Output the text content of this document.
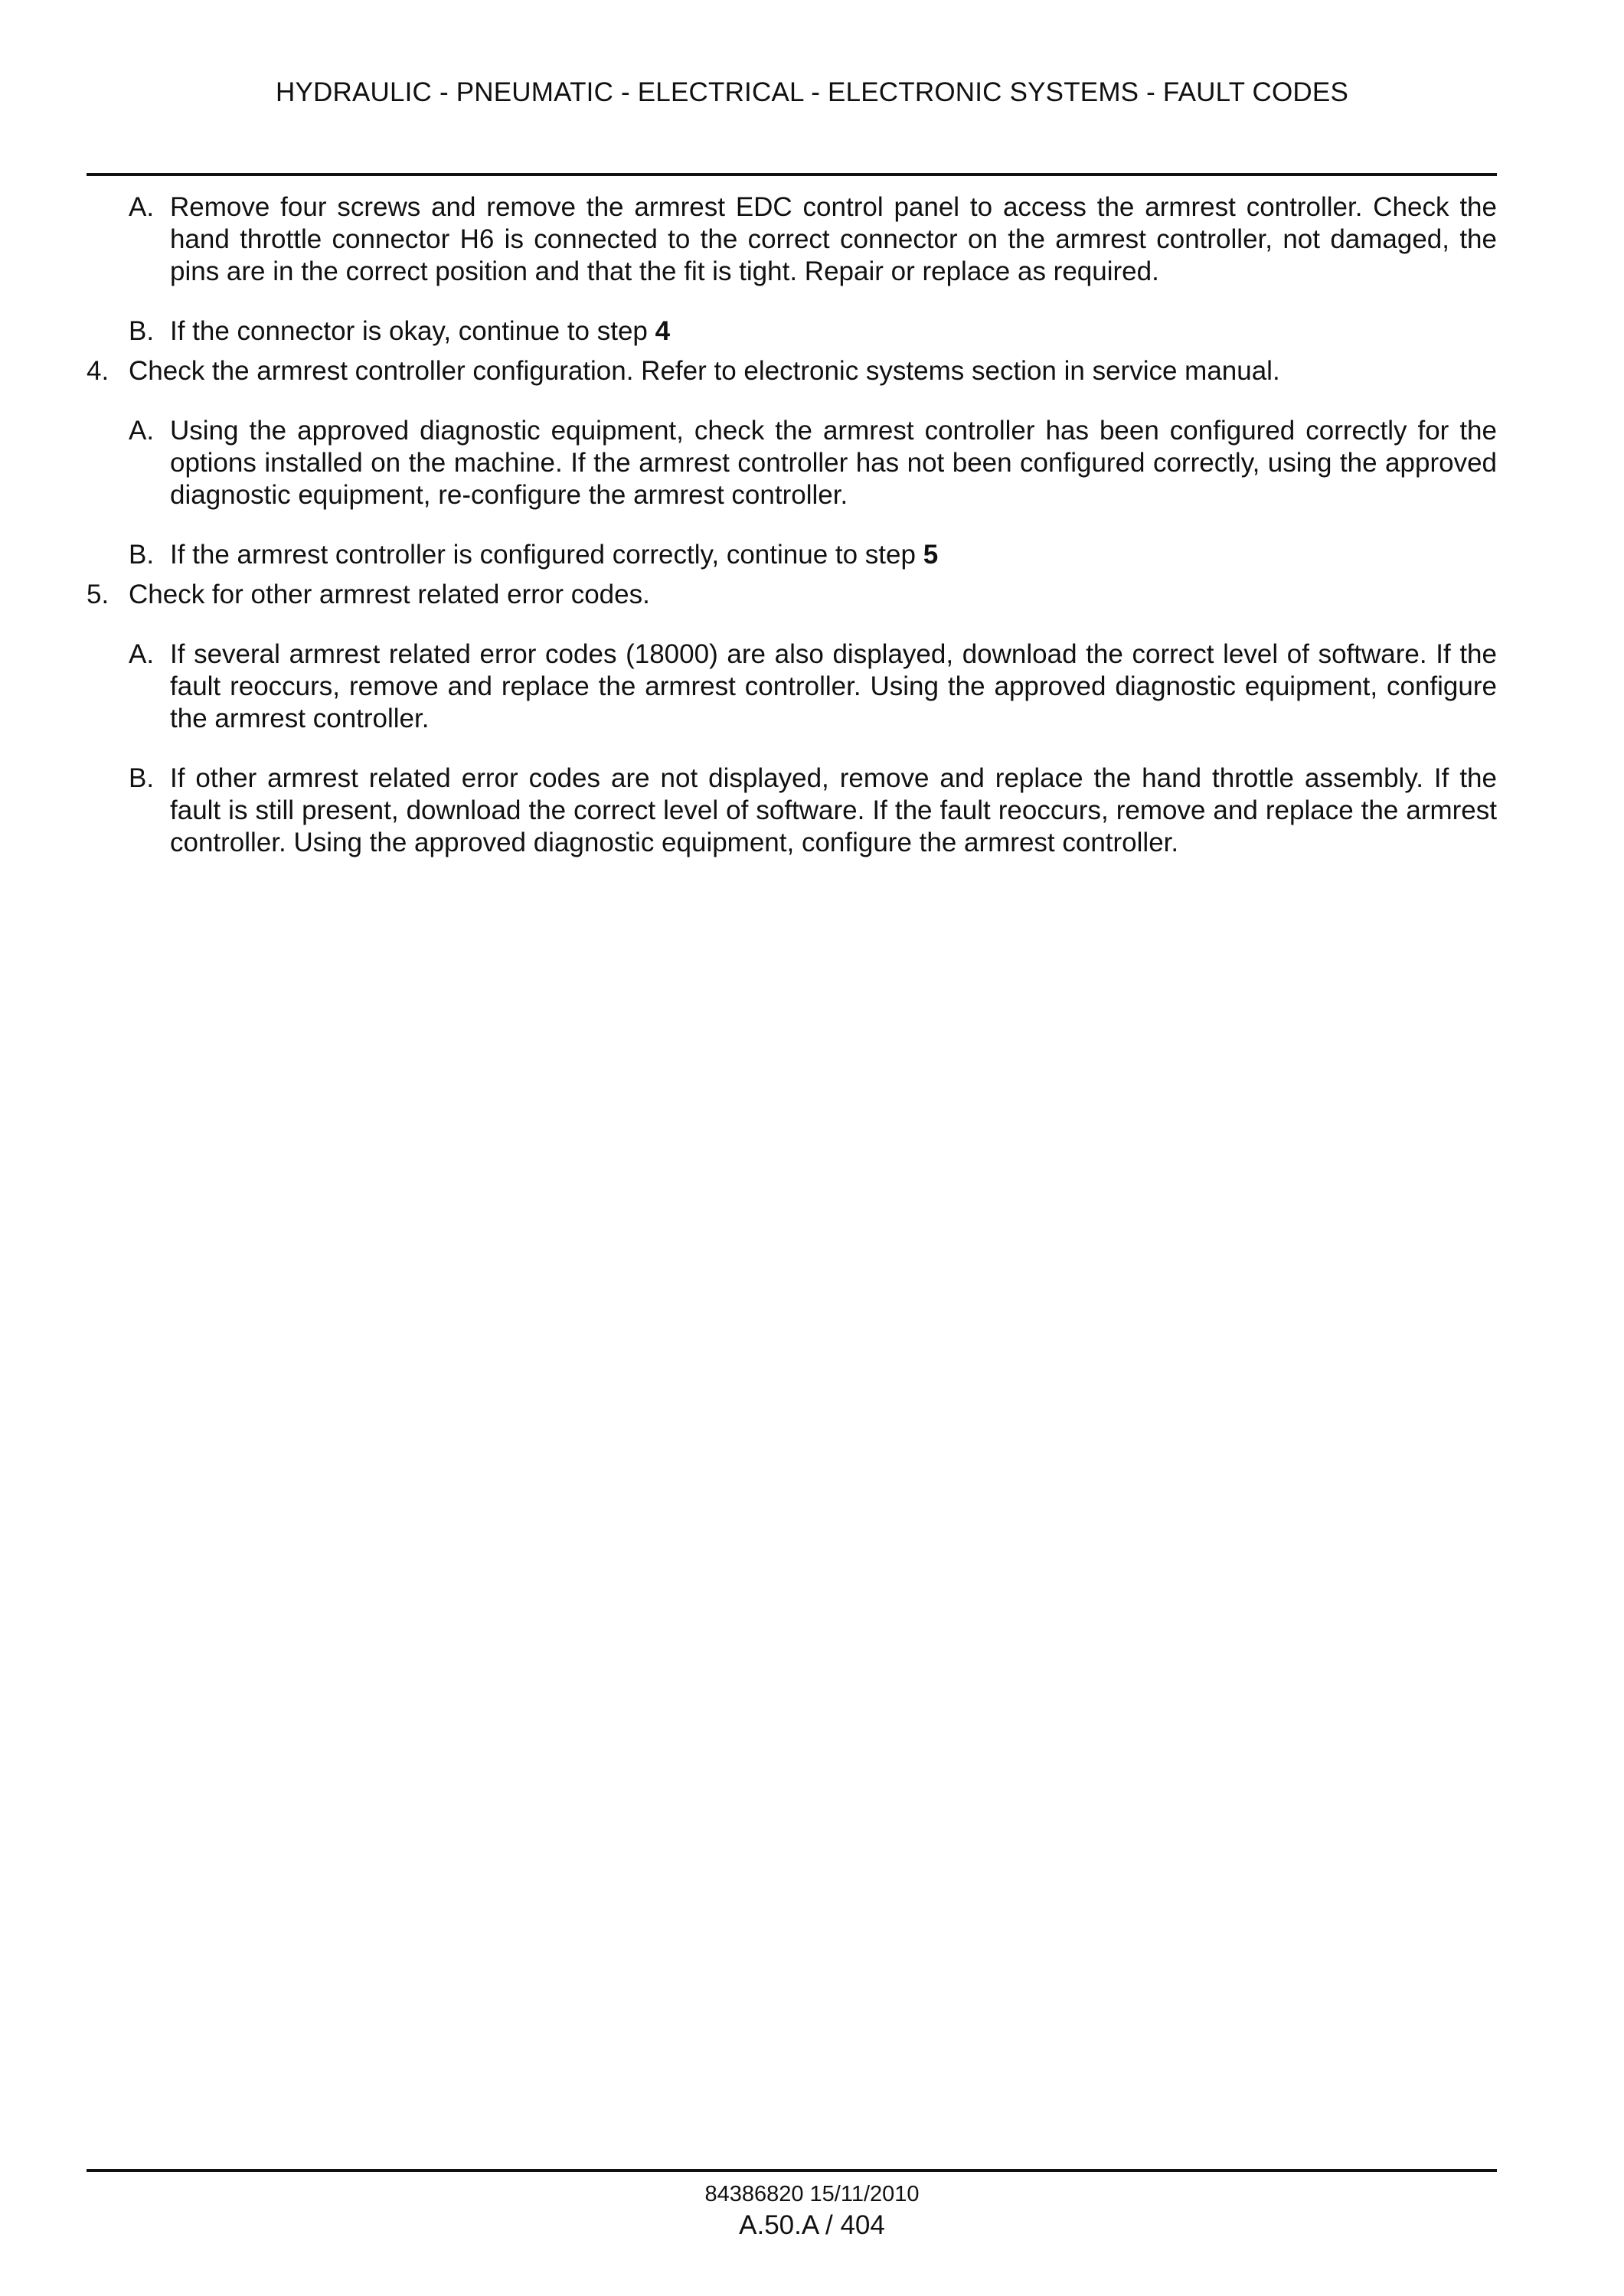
HYDRAULIC - PNEUMATIC - ELECTRICAL - ELECTRONIC SYSTEMS - FAULT CODES
A. Remove four screws and remove the armrest EDC control panel to access the armrest controller. Check the hand throttle connector H6 is connected to the correct connector on the armrest controller, not damaged, the pins are in the correct position and that the fit is tight. Repair or replace as required.
B. If the connector is okay, continue to step 4
4. Check the armrest controller configuration. Refer to electronic systems section in service manual.
A. Using the approved diagnostic equipment, check the armrest controller has been configured correctly for the options installed on the machine. If the armrest controller has not been configured correctly, using the approved diagnostic equipment, re-configure the armrest controller.
B. If the armrest controller is configured correctly, continue to step 5
5. Check for other armrest related error codes.
A. If several armrest related error codes (18000) are also displayed, download the correct level of software. If the fault reoccurs, remove and replace the armrest controller. Using the approved diagnostic equipment, configure the armrest controller.
B. If other armrest related error codes are not displayed, remove and replace the hand throttle assembly. If the fault is still present, download the correct level of software. If the fault reoccurs, remove and replace the armrest controller. Using the approved diagnostic equipment, configure the armrest controller.
84386820 15/11/2010
A.50.A / 404
